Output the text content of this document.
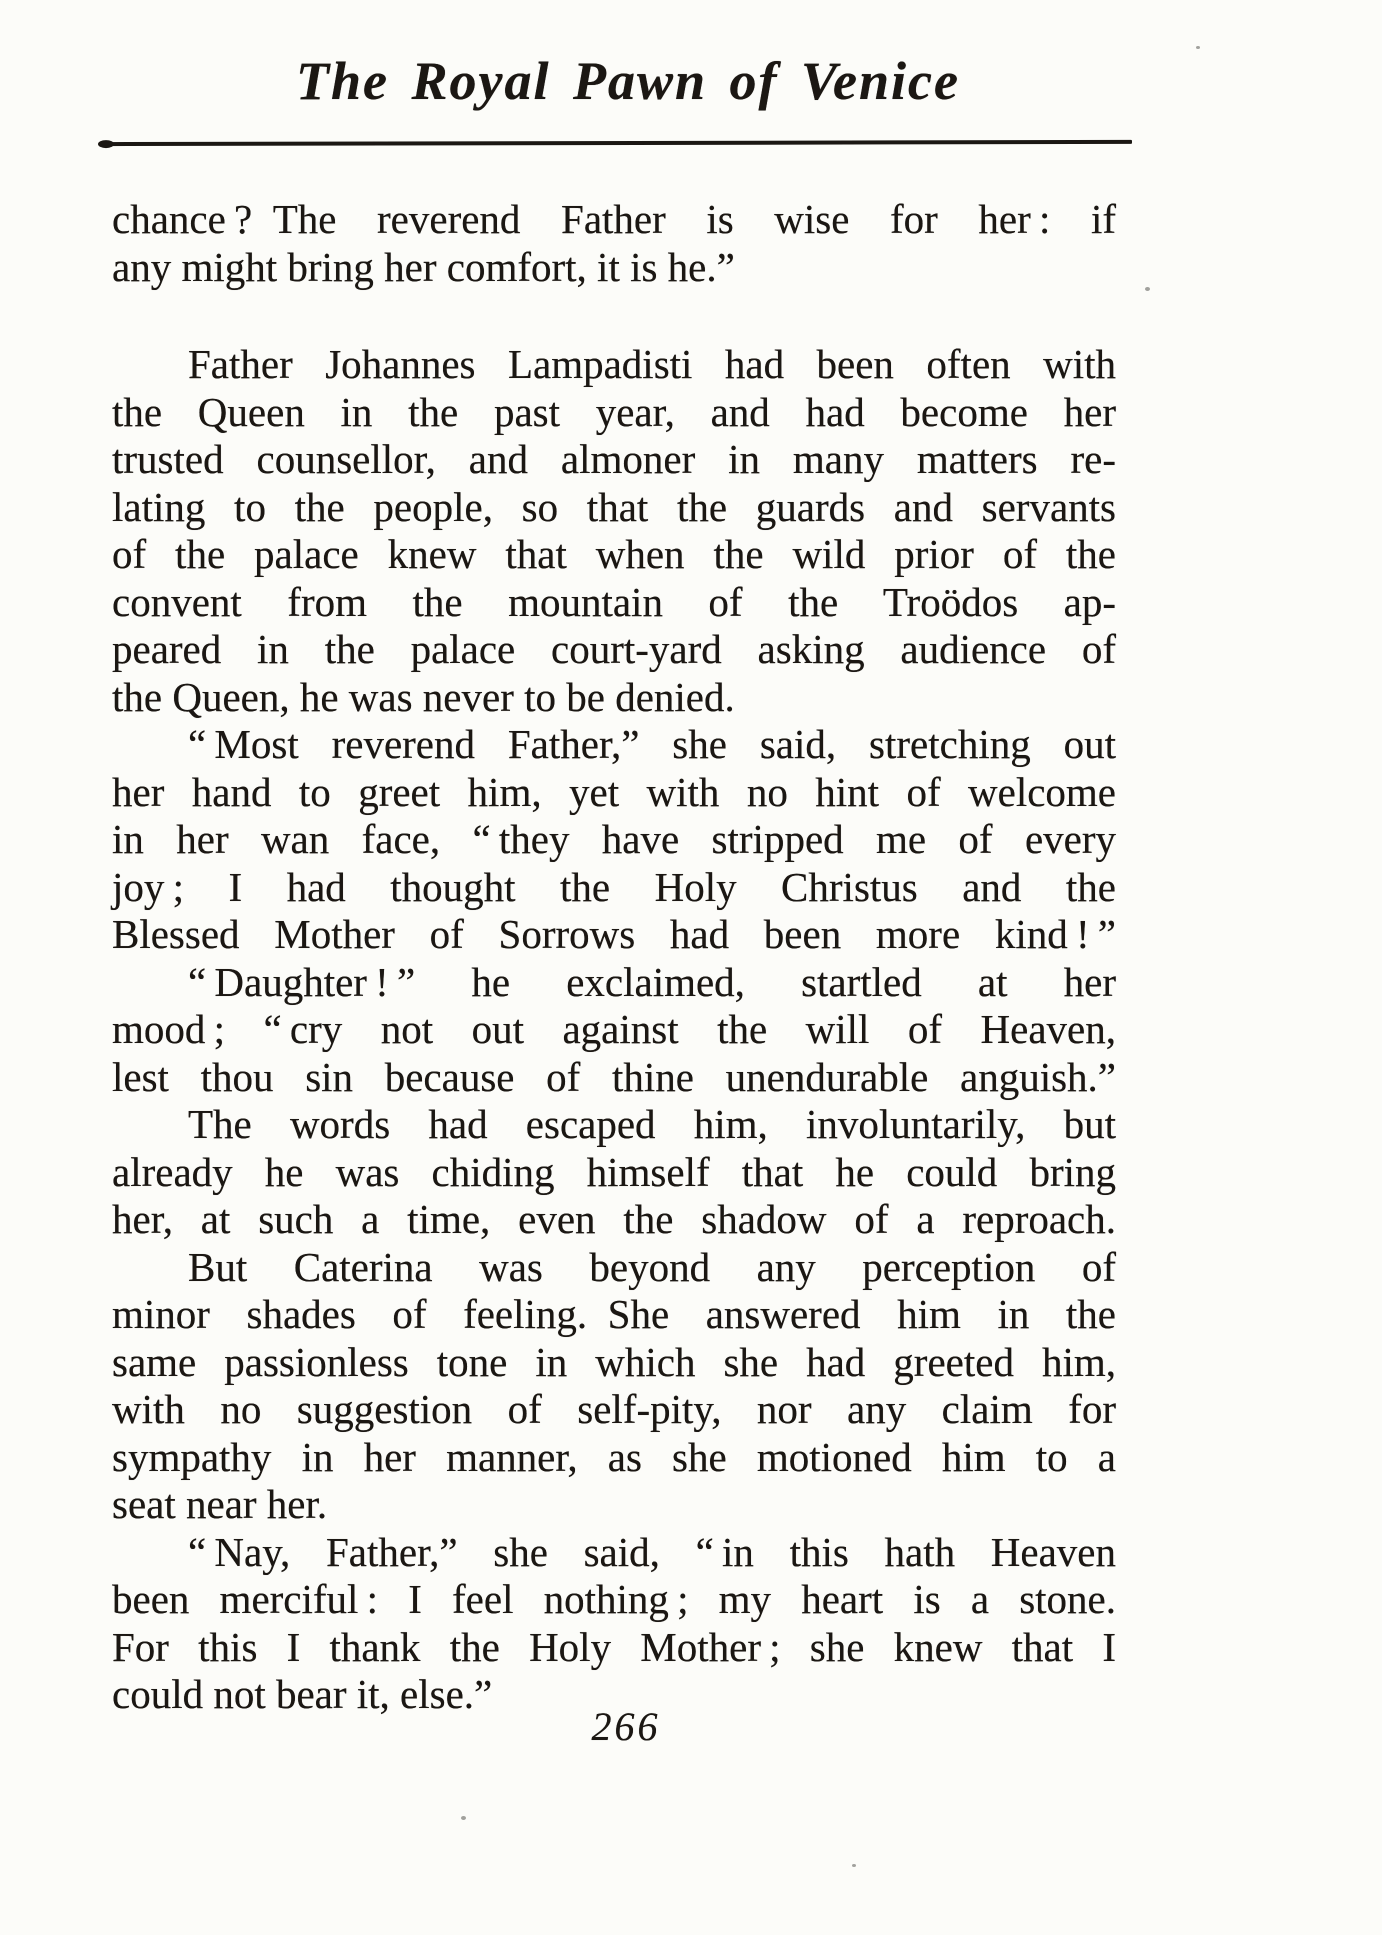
The Royal Pawn of Venice
chance ? The reverend Father is wise for her : if
any might bring her comfort, it is he.”
Father Johannes Lampadisti had been often with
the Queen in the past year, and had become her
trusted counsellor, and almoner in many matters re-
lating to the people, so that the guards and servants
of the palace knew that when the wild prior of the
convent from the mountain of the Troödos ap-
peared in the palace court-yard asking audience of
the Queen, he was never to be denied.
“ Most reverend Father,” she said, stretching out
her hand to greet him, yet with no hint of welcome
in her wan face, “ they have stripped me of every
joy ; I had thought the Holy Christus and the
Blessed Mother of Sorrows had been more kind ! ”
“ Daughter ! ” he exclaimed, startled at her
mood ; “ cry not out against the will of Heaven,
lest thou sin because of thine unendurable anguish.”
The words had escaped him, involuntarily, but
already he was chiding himself that he could bring
her, at such a time, even the shadow of a reproach.
But Caterina was beyond any perception of
minor shades of feeling. She answered him in the
same passionless tone in which she had greeted him,
with no suggestion of self-pity, nor any claim for
sympathy in her manner, as she motioned him to a
seat near her.
“ Nay, Father,” she said, “ in this hath Heaven
been merciful : I feel nothing ; my heart is a stone.
For this I thank the Holy Mother ; she knew that I
could not bear it, else.”
266
